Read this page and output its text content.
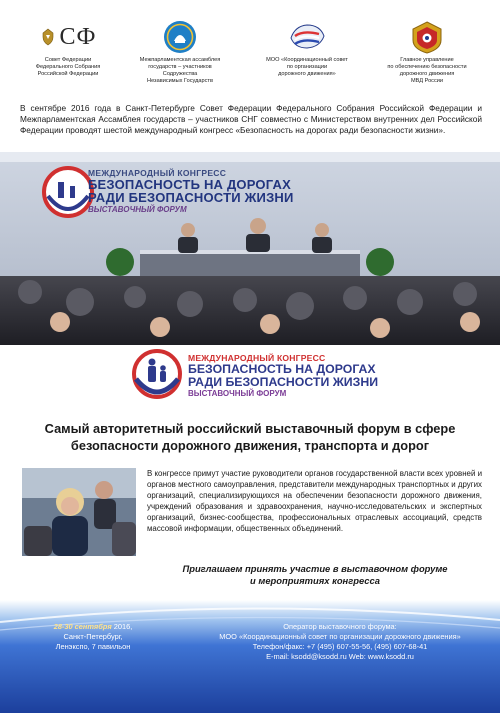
СФ
Совет Федерации
Федерального Собрания
Российской Федерации
Межпарламентская ассамблея
государств – участников
Содружества
Независимых Государств
МОО «Координационный совет
по организации
дорожного движения»
Главное управление
по обеспечению безопасности
дорожного движения
МВД России

В сентябре 2016 года в Санкт-Петербурге Совет Федерации Федерального Собрания Российской Федерации и Межпарламентская Ассамблея государств – участников СНГ совместно с Министерством внутренних дел Российской Федерации проводят шестой международный конгресс «Безопасность на дорогах ради безопасности жизни».

МЕЖДУНАРОДНЫЙ КОНГРЕСС
БЕЗОПАСНОСТЬ НА ДОРОГАХ
РАДИ БЕЗОПАСНОСТИ ЖИЗНИ
ВЫСТАВОЧНЫЙ ФОРУМ
МЕЖДУНАРОДНЫЙ КОНГРЕСС
БЕЗОПАСНОСТЬ НА ДОРОГАХ
РАДИ БЕЗОПАСНОСТИ ЖИЗНИ
ВЫСТАВОЧНЫЙ ФОРУМ
Самый авторитетный российский выставочный форум в сфере безопасности дорожного движения, транспорта и дорог

В конгрессе примут участие руководители органов государственной власти всех уровней и органов местного самоуправления, представители международных транспортных и других организаций, специализирующихся на обеспечении безопасности дорожного движения, учреждений образования и здравоохранения, научно-исследовательских и экспертных организаций, бизнес-сообщества, профессиональных отраслевых ассоциаций, средств массовой информации, общественных объединений.

Приглашаем принять участие в выставочном форуме
и мероприятиях конгресса
28-30 сентября 2016,
Санкт-Петербург,
Ленэкспо, 7 павильон
Оператор выставочного форума:
МОО «Координационный совет по организации дорожного движения»
Телефон/факс: +7 (495) 607-55-56, (495) 607-68-41
E-mail: ksodd@ksodd.ru Web: www.ksodd.ru
